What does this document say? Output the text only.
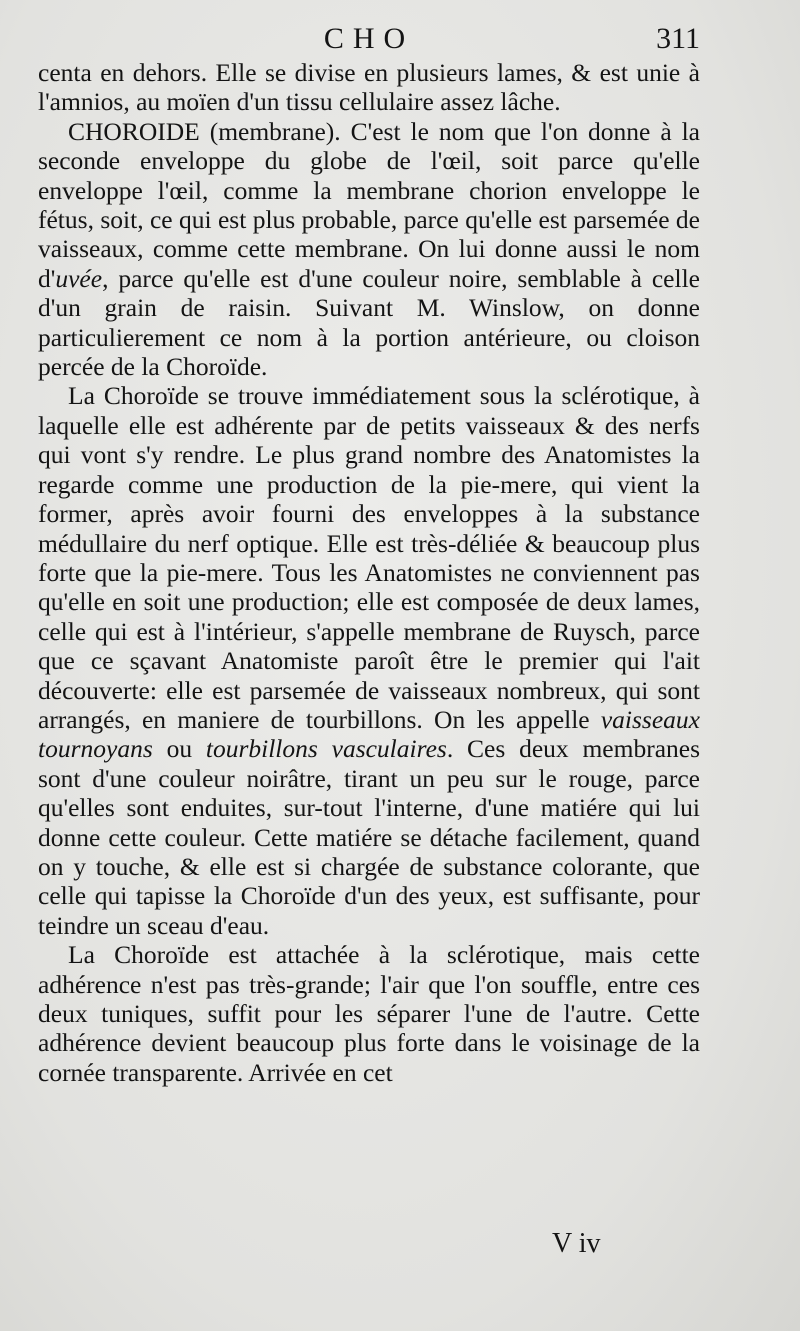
CHO	311

centa en dehors. Elle se divise en plusieurs lames, & est unie à l'amnios, au moïen d'un tissu cellulaire assez lâche.

CHOROIDE (membrane). C'est le nom que l'on donne à la seconde enveloppe du globe de l'œil, soit parce qu'elle enveloppe l'œil, comme la membrane chorion enveloppe le fétus, soit, ce qui est plus probable, parce qu'elle est parsemée de vaisseaux, comme cette membrane. On lui donne aussi le nom d'uvée, parce qu'elle est d'une couleur noire, semblable à celle d'un grain de raisin. Suivant M. Winslow, on donne particulierement ce nom à la portion antérieure, ou cloison percée de la Choroïde.

La Choroïde se trouve immédiatement sous la sclérotique, à laquelle elle est adhérente par de petits vaisseaux & des nerfs qui vont s'y rendre. Le plus grand nombre des Anatomistes la regarde comme une production de la pie-mere, qui vient la former, après avoir fourni des enveloppes à la substance médullaire du nerf optique. Elle est très-déliée & beaucoup plus forte que la pie-mere. Tous les Anatomistes ne conviennent pas qu'elle en soit une production; elle est composée de deux lames, celle qui est à l'intérieur, s'appelle membrane de Ruysch, parce que ce sçavant Anatomiste paroît être le premier qui l'ait découverte: elle est parsemée de vaisseaux nombreux, qui sont arrangés, en maniere de tourbillons. On les appelle vaisseaux tournoyans ou tourbillons vasculaires. Ces deux membranes sont d'une couleur noirâtre, tirant un peu sur le rouge, parce qu'elles sont enduites, sur-tout l'interne, d'une matiére qui lui donne cette couleur. Cette matiére se détache facilement, quand on y touche, & elle est si chargée de substance colorante, que celle qui tapisse la Choroïde d'un des yeux, est suffisante, pour teindre un sceau d'eau.

La Choroïde est attachée à la sclérotique, mais cette adhérence n'est pas très-grande; l'air que l'on souffle, entre ces deux tuniques, suffit pour les séparer l'une de l'autre. Cette adhérence devient beaucoup plus forte dans le voisinage de la cornée transparente. Arrivée en cet

V iv
